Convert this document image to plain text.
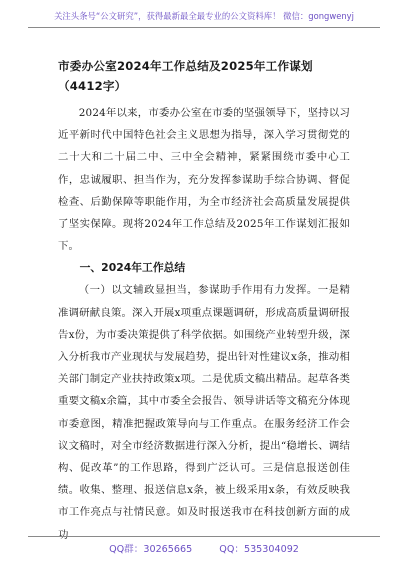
关注头条号“公文研究”，获得最新最全最专业的公文资料库！ 微信：gongwenyj
市委办公室2024年工作总结及2025年工作谋划（4412字）

2024年以来，市委办公室在市委的坚强领导下，坚持以习近平新时代中国特色社会主义思想为指导，深入学习贯彻党的二十大和二十届二中、三中全会精神，紧紧围绕市委中心工作，忠诚履职、担当作为，充分发挥参谋助手综合协调、督促检查、后勤保障等职能作用，为全市经济社会高质量发展提供了坚实保障。现将2024年工作总结及2025年工作谋划汇报如下。

一、2024年工作总结

（一）以文辅政显担当，参谋助手作用有力发挥。一是精准调研献良策。深入开展x项重点课题调研，形成高质量调研报告x份，为市委决策提供了科学依据。如围绕产业转型升级，深入分析我市产业现状与发展趋势，提出针对性建议x条，推动相关部门制定产业扶持政策x项。二是优质文稿出精品。起草各类重要文稿x余篇，其中市委全会报告、领导讲话等文稿充分体现市委意图，精准把握政策导向与工作重点。在服务经济工作会议文稿时，对全市经济数据进行深入分析，提出“稳增长、调结构、促改革”的工作思路，得到广泛认可。三是信息报送创佳绩。收集、整理、报送信息x条，被上级采用x条，有效反映我市工作亮点与社情民意。如及时报送我市在科技创新方面的成功

QQ群：30265665	QQ：535304092
